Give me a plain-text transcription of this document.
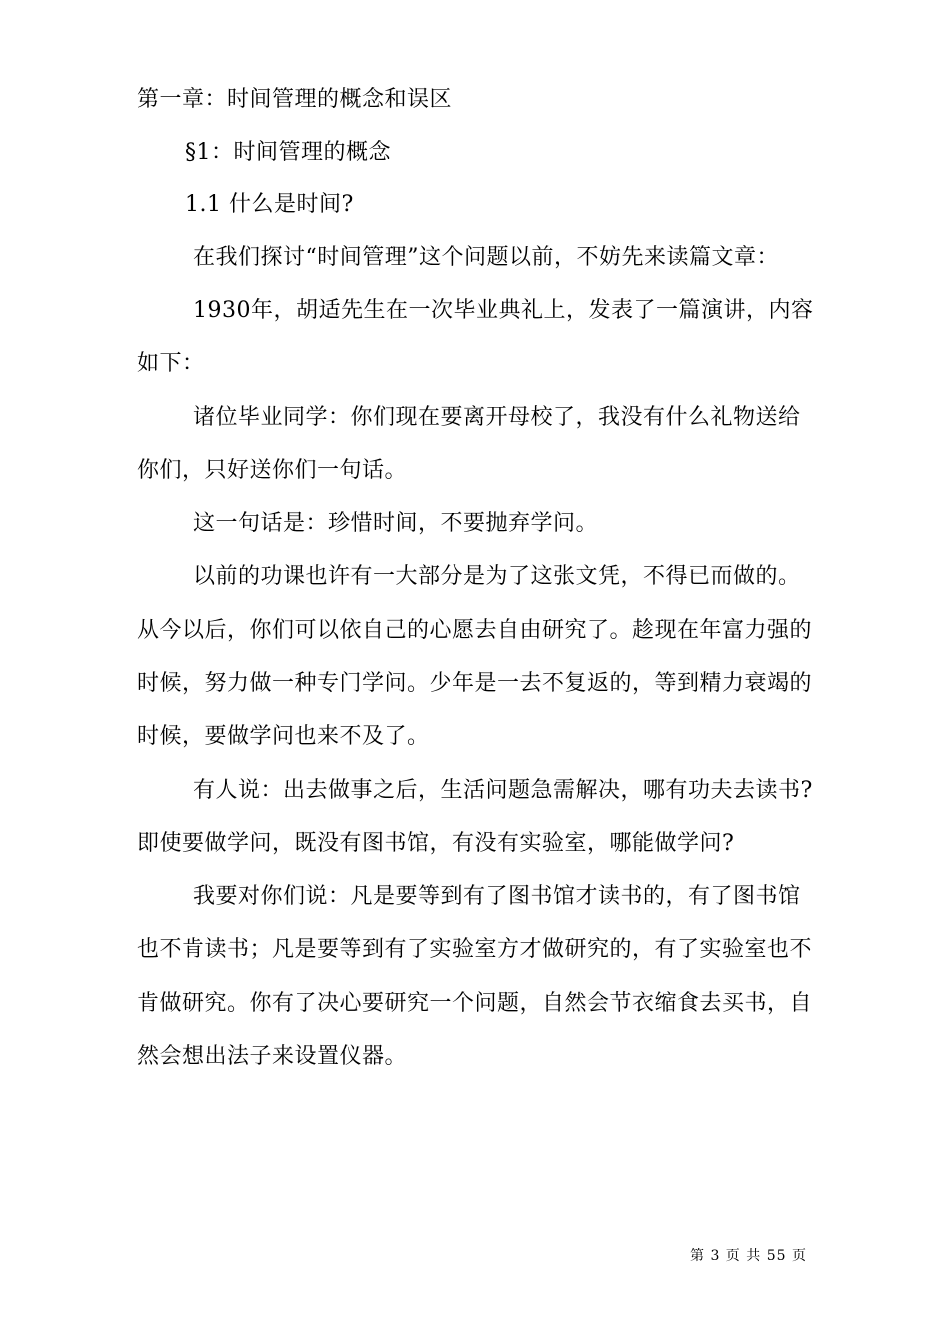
第一章：时间管理的概念和误区
§1：时间管理的概念
1.1 什么是时间?
在我们探讨“时间管理”这个问题以前，不妨先来读篇文章：
1930年，胡适先生在一次毕业典礼上，发表了一篇演讲，内容
如下：
诸位毕业同学：你们现在要离开母校了，我没有什么礼物送给
你们，只好送你们一句话。
这一句话是：珍惜时间，不要抛弃学问。
以前的功课也许有一大部分是为了这张文凭，不得已而做的。
从今以后，你们可以依自己的心愿去自由研究了。趁现在年富力强的
时候，努力做一种专门学问。少年是一去不复返的，等到精力衰竭的
时候，要做学问也来不及了。
有人说：出去做事之后，生活问题急需解决，哪有功夫去读书?
即使要做学问，既没有图书馆，有没有实验室，哪能做学问?
我要对你们说：凡是要等到有了图书馆才读书的，有了图书馆
也不肯读书；凡是要等到有了实验室方才做研究的，有了实验室也不
肯做研究。你有了决心要研究一个问题，自然会节衣缩食去买书，自
然会想出法子来设置仪器。
第 3 页 共 55 页
